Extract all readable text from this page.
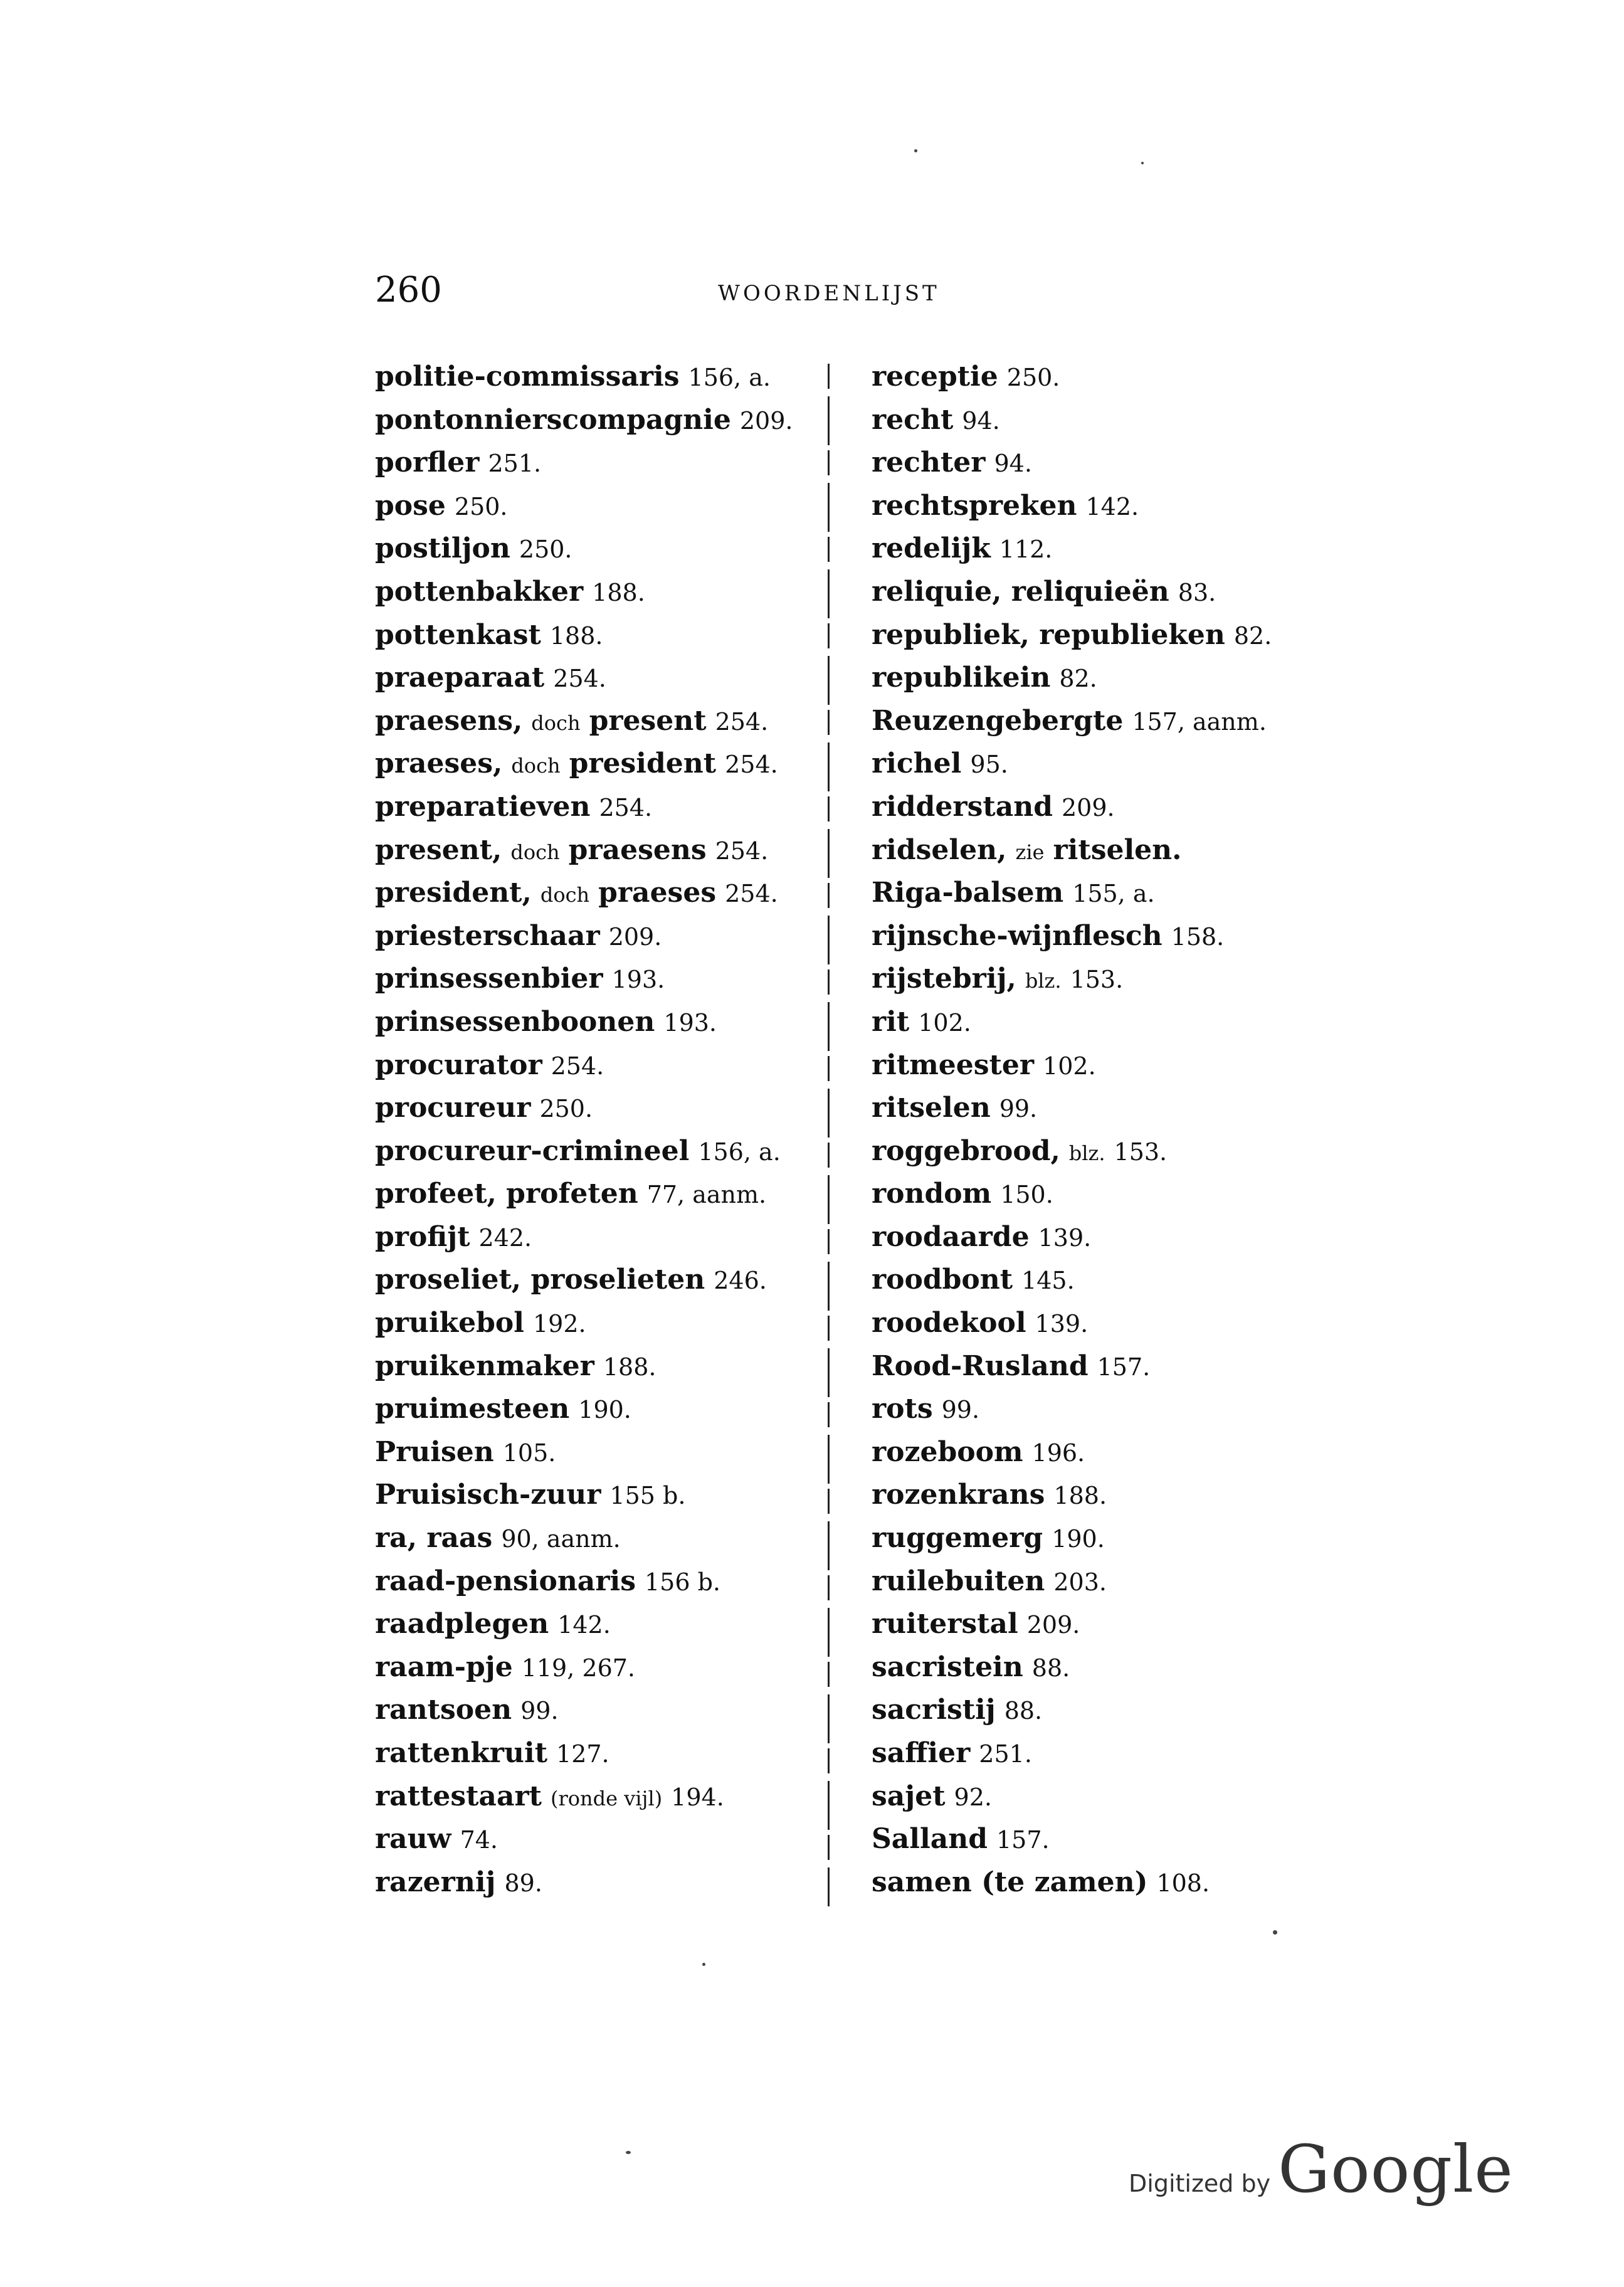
260	WOORDENLIJST
politie-commissaris 156, a.
pontonnierscompagnie 209.
porfler 251.
pose 250.
postiljon 250.
pottenbakker 188.
pottenkast 188.
praeparaat 254.
praesens, doch present 254.
praeses, doch president 254.
preparatieven 254.
present, doch praesens 254.
president, doch praeses 254.
priesterschaar 209.
prinsessenbier 193.
prinsessenboonen 193.
procurator 254.
procureur 250.
procureur-crimineel 156, a.
profeet, profeten 77, aanm.
profijt 242.
proseliet, proselieten 246.
pruikebol 192.
pruikenmaker 188.
pruimesteen 190.
Pruisen 105.
Pruisisch-zuur 155 b.
ra, raas 90, aanm.
raad-pensionaris 156 b.
raadplegen 142.
raam-pje 119, 267.
rantsoen 99.
rattenkruit 127.
rattestaart (ronde vijl) 194.
rauw 74.
razernij 89.
receptie 250.
recht 94.
rechter 94.
rechtspreken 142.
redelijk 112.
reliquie, reliquieën 83.
republiek, republieken 82.
republikein 82.
Reuzengebergte 157, aanm.
richel 95.
ridderstand 209.
ridselen, zie ritselen.
Riga-balsem 155, a.
rijnsche-wijnflesch 158.
rijstebrij, blz. 153.
rit 102.
ritmeester 102.
ritselen 99.
roggebrood, blz. 153.
rondom 150.
roodaarde 139.
roodbont 145.
roodekool 139.
Rood-Rusland 157.
rots 99.
rozeboom 196.
rozenkrans 188.
ruggemerg 190.
ruilebuiten 203.
ruiterstal 209.
sacristein 88.
sacristij 88.
saffier 251.
sajet 92.
Salland 157.
samen (te zamen) 108.
Digitized by Google
